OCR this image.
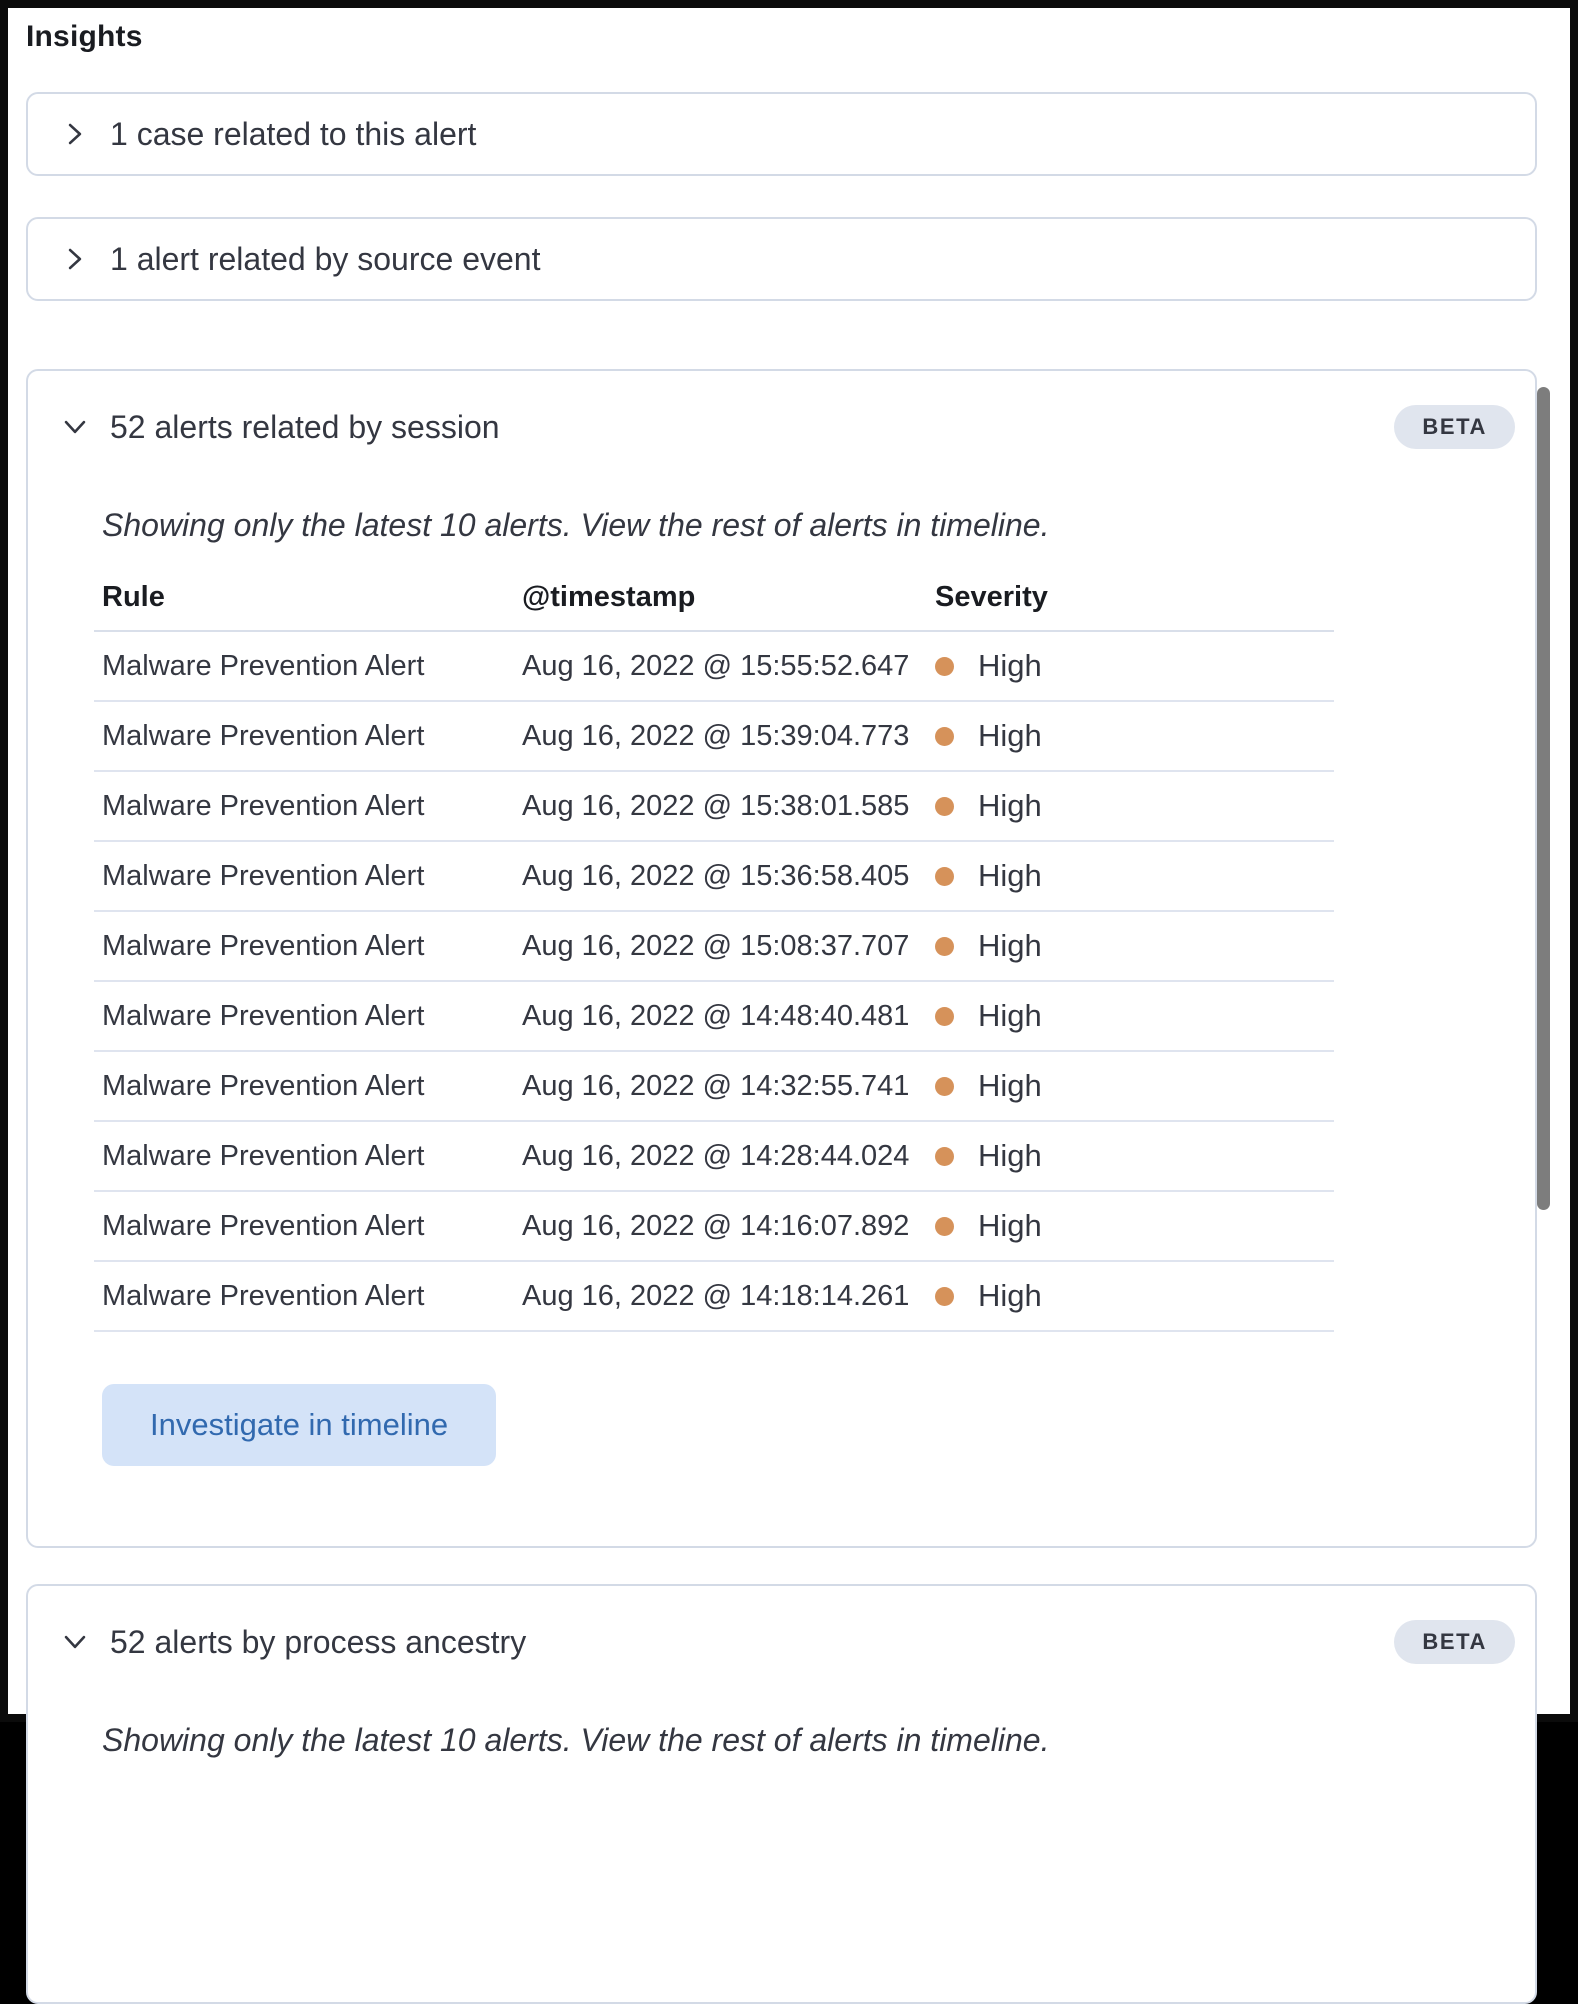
Insights
1 case related to this alert
1 alert related by source event
52 alerts related by session	BETA
Showing only the latest 10 alerts. View the rest of alerts in timeline.
Rule	@timestamp	Severity
Malware Prevention Alert	Aug 16, 2022 @ 15:55:52.647	High

Malware Prevention Alert	Aug 16, 2022 @ 15:39:04.773	High

Malware Prevention Alert	Aug 16, 2022 @ 15:38:01.585	High

Malware Prevention Alert	Aug 16, 2022 @ 15:36:58.405	High

Malware Prevention Alert	Aug 16, 2022 @ 15:08:37.707	High

Malware Prevention Alert	Aug 16, 2022 @ 14:48:40.481	High

Malware Prevention Alert	Aug 16, 2022 @ 14:32:55.741	High

Malware Prevention Alert	Aug 16, 2022 @ 14:28:44.024	High

Malware Prevention Alert	Aug 16, 2022 @ 14:16:07.892	High

Malware Prevention Alert	Aug 16, 2022 @ 14:18:14.261	High
Investigate in timeline
52 alerts by process ancestry	BETA
Showing only the latest 10 alerts. View the rest of alerts in timeline.
